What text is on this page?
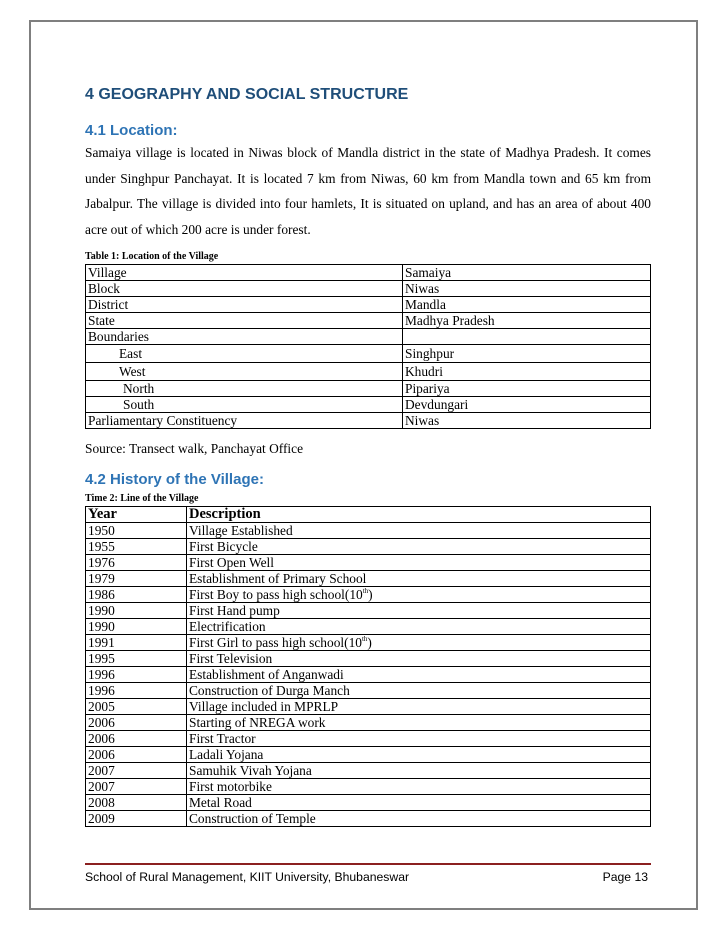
4 GEOGRAPHY AND SOCIAL STRUCTURE
4.1 Location:
Samaiya village is located in Niwas block of Mandla district in the state of Madhya Pradesh. It comes under Singhpur Panchayat. It is located 7 km from Niwas, 60 km from Mandla town and 65 km from Jabalpur. The village is divided into four hamlets, It is situated on upland, and has an area of about 400 acre out of which 200 acre is under forest.
Table 1: Location of the Village
Village	Samaiya
Block	Niwas
District	Mandla
State	Madhya Pradesh
Boundaries	
East	Singhpur
West	Khudri
North	Pipariya
South	Devdungari
Parliamentary Constituency	Niwas
Source: Transect walk, Panchayat Office
4.2 History of the Village:
Time 2: Line of the Village
Year	Description
1950	Village Established
1955	First Bicycle
1976	First Open Well
1979	Establishment of Primary School
1986	First Boy to pass high school(10th)
1990	First Hand pump
1990	Electrification
1991	First Girl to pass high school(10th)
1995	First Television
1996	Establishment of Anganwadi
1996	Construction of Durga Manch
2005	Village included in MPRLP
2006	Starting of NREGA work
2006	First Tractor
2006	Ladali Yojana
2007	Samuhik Vivah Yojana
2007	First motorbike
2008	Metal Road
2009	Construction of Temple
School of Rural Management, KIIT University, Bhubaneswar	Page 13
